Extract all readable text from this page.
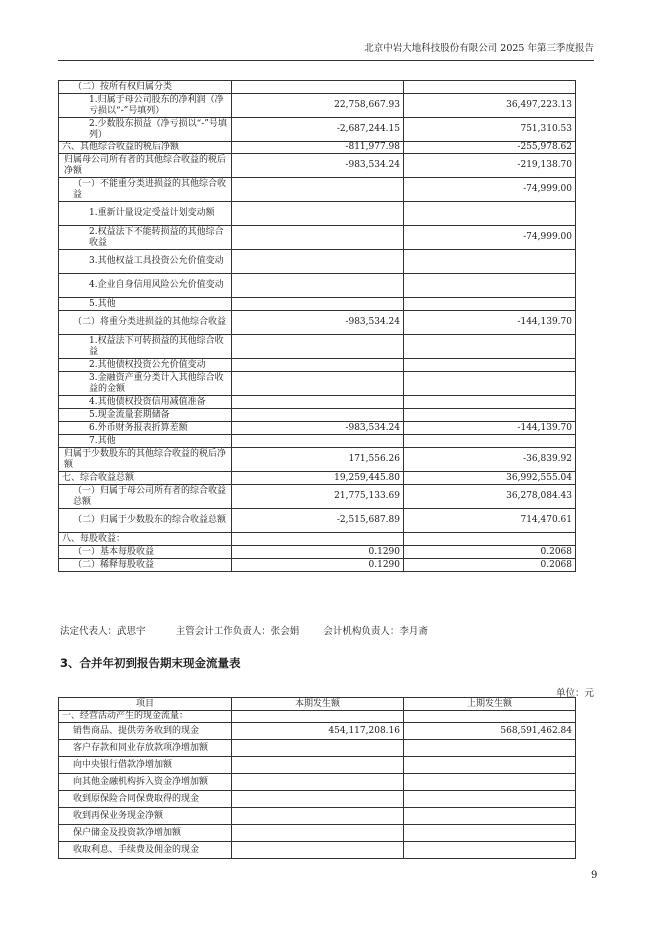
北京中岩大地科技股份有限公司 2025 年第三季度报告
（二）按所有权归属分类		
1.归属于母公司股东的净利润（净亏损以“-”号填列）	22,758,667.93	36,497,223.13
2.少数股东损益（净亏损以“-”号填列）	-2,687,244.15	751,310.53
六、其他综合收益的税后净额	-811,977.98	-255,978.62
归属母公司所有者的其他综合收益的税后净额	-983,534.24	-219,138.70
（一）不能重分类进损益的其他综合收益		-74,999.00
1.重新计量设定受益计划变动额		
2.权益法下不能转损益的其他综合收益		-74,999.00
3.其他权益工具投资公允价值变动		
4.企业自身信用风险公允价值变动		
5.其他		
（二）将重分类进损益的其他综合收益	-983,534.24	-144,139.70
1.权益法下可转损益的其他综合收益		
2.其他债权投资公允价值变动		
3.金融资产重分类计入其他综合收益的金额		
4.其他债权投资信用减值准备		
5.现金流量套期储备		
6.外币财务报表折算差额	-983,534.24	-144,139.70
7.其他		
归属于少数股东的其他综合收益的税后净额	171,556.26	-36,839.92
七、综合收益总额	19,259,445.80	36,992,555.04
（一）归属于母公司所有者的综合收益总额	21,775,133.69	36,278,084.43
（二）归属于少数股东的综合收益总额	-2,515,687.89	714,470.61
八、每股收益：		
（一）基本每股收益	0.1290	0.2068
（二）稀释每股收益	0.1290	0.2068
法定代表人：武思宇	主管会计工作负责人：张会娟	会计机构负责人：李月斋
3、合并年初到报告期末现金流量表
单位：元
项目	本期发生额	上期发生额
一、经营活动产生的现金流量：		
销售商品、提供劳务收到的现金	454,117,208.16	568,591,462.84
客户存款和同业存放款项净增加额		
向中央银行借款净增加额		
向其他金融机构拆入资金净增加额		
收到原保险合同保费取得的现金		
收到再保业务现金净额		
保户储金及投资款净增加额		
收取利息、手续费及佣金的现金		
9
